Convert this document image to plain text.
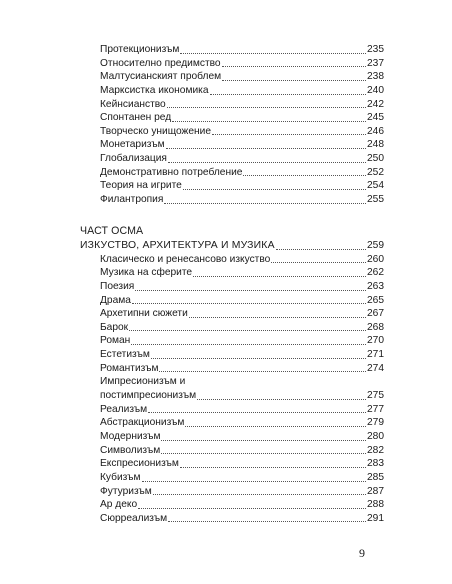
Протекционизъм	235
Относително предимство	237
Малтусианският проблем	238
Марксистка икономика	240
Кейнсианство	242
Спонтанен ред	245
Творческо унищожение	246
Монетаризъм	248
Глобализация	250
Демонстративно потребление	252
Теория на игрите	254
Филантропия	255
ЧАСТ ОСМА
ИЗКУСТВО, АРХИТЕКТУРА И МУЗИКА	259
Класическо и ренесансово изкуство	260
Музика на сферите	262
Поезия	263
Драма	265
Архетипни сюжети	267
Барок	268
Роман	270
Естетизъм	271
Романтизъм	274
Импресионизъм и
постимпресионизъм	275
Реализъм	277
Абстракционизъм	279
Модернизъм	280
Символизъм	282
Експресионизъм	283
Кубизъм	285
Футуризъм	287
Ар деко	288
Сюрреализъм	291
9
